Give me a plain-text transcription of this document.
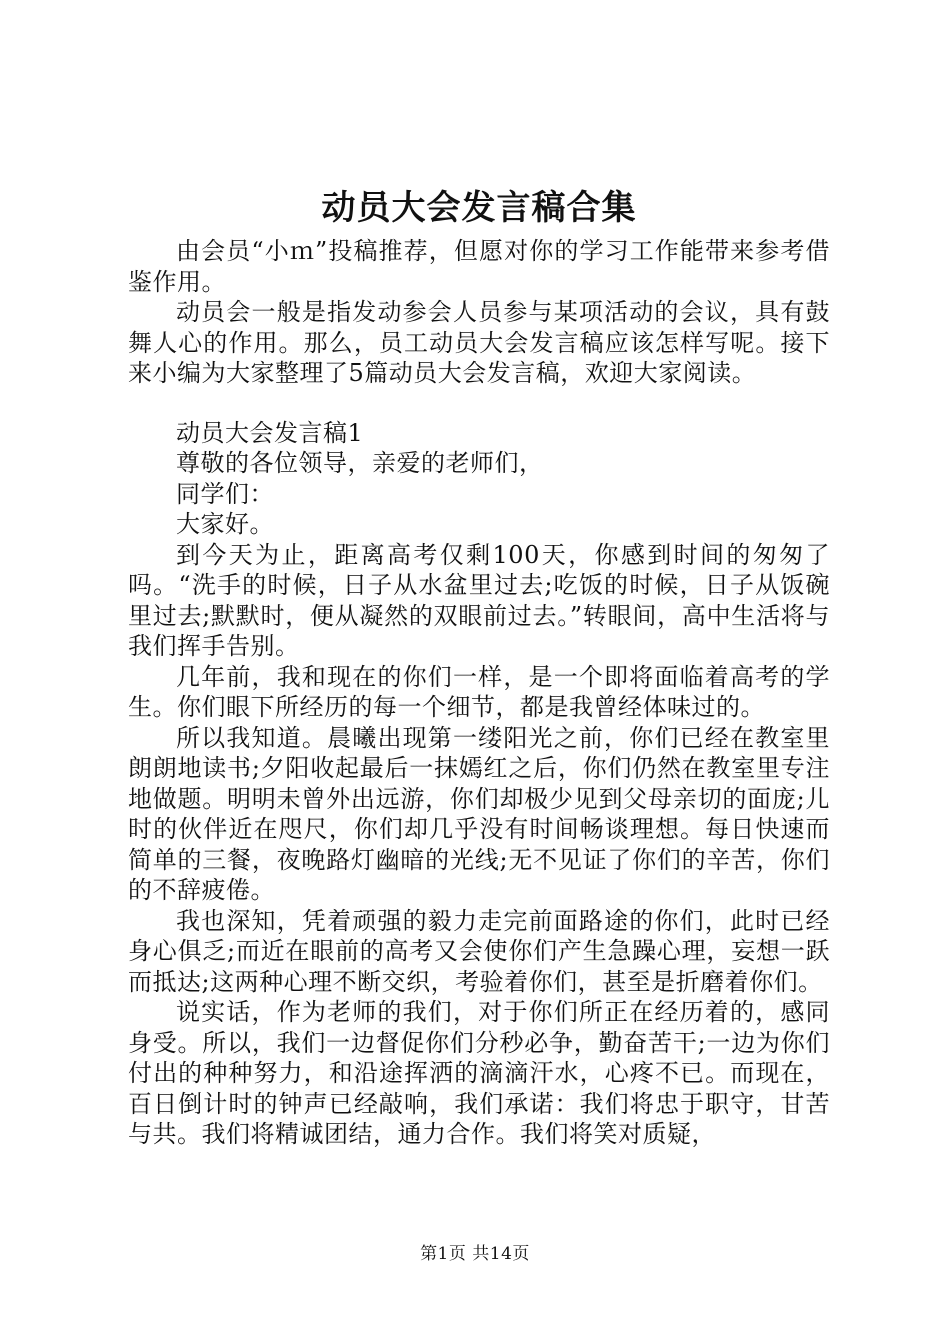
动员大会发言稿合集

由会员“小ｍ”投稿推荐，但愿对你的学习工作能带来参考借鉴作用。

动员会一般是指发动参会人员参与某项活动的会议，具有鼓舞人心的作用。那么，员工动员大会发言稿应该怎样写呢。接下来小编为大家整理了5篇动员大会发言稿，欢迎大家阅读。

动员大会发言稿1

尊敬的各位领导，亲爱的老师们，

同学们：

大家好。

到今天为止，距离高考仅剩100天，你感到时间的匆匆了吗。“洗手的时候，日子从水盆里过去;吃饭的时候，日子从饭碗里过去;默默时，便从凝然的双眼前过去。”转眼间，高中生活将与我们挥手告别。

几年前，我和现在的你们一样，是一个即将面临着高考的学生。你们眼下所经历的每一个细节，都是我曾经体味过的。

所以我知道。晨曦出现第一缕阳光之前，你们已经在教室里朗朗地读书;夕阳收起最后一抹嫣红之后，你们仍然在教室里专注地做题。明明未曾外出远游，你们却极少见到父母亲切的面庞;儿时的伙伴近在咫尺，你们却几乎没有时间畅谈理想。每日快速而简单的三餐，夜晚路灯幽暗的光线;无不见证了你们的辛苦，你们的不辞疲倦。

我也深知，凭着顽强的毅力走完前面路途的你们，此时已经身心俱乏;而近在眼前的高考又会使你们产生急躁心理，妄想一跃而抵达;这两种心理不断交织，考验着你们，甚至是折磨着你们。

说实话，作为老师的我们，对于你们所正在经历着的，感同身受。所以，我们一边督促你们分秒必争，勤奋苦干;一边为你们付出的种种努力，和沿途挥洒的滴滴汗水，心疼不已。而现在，百日倒计时的钟声已经敲响，我们承诺：我们将忠于职守，甘苦与共。我们将精诚团结，通力合作。我们将笑对质疑，

第1页 共14页
